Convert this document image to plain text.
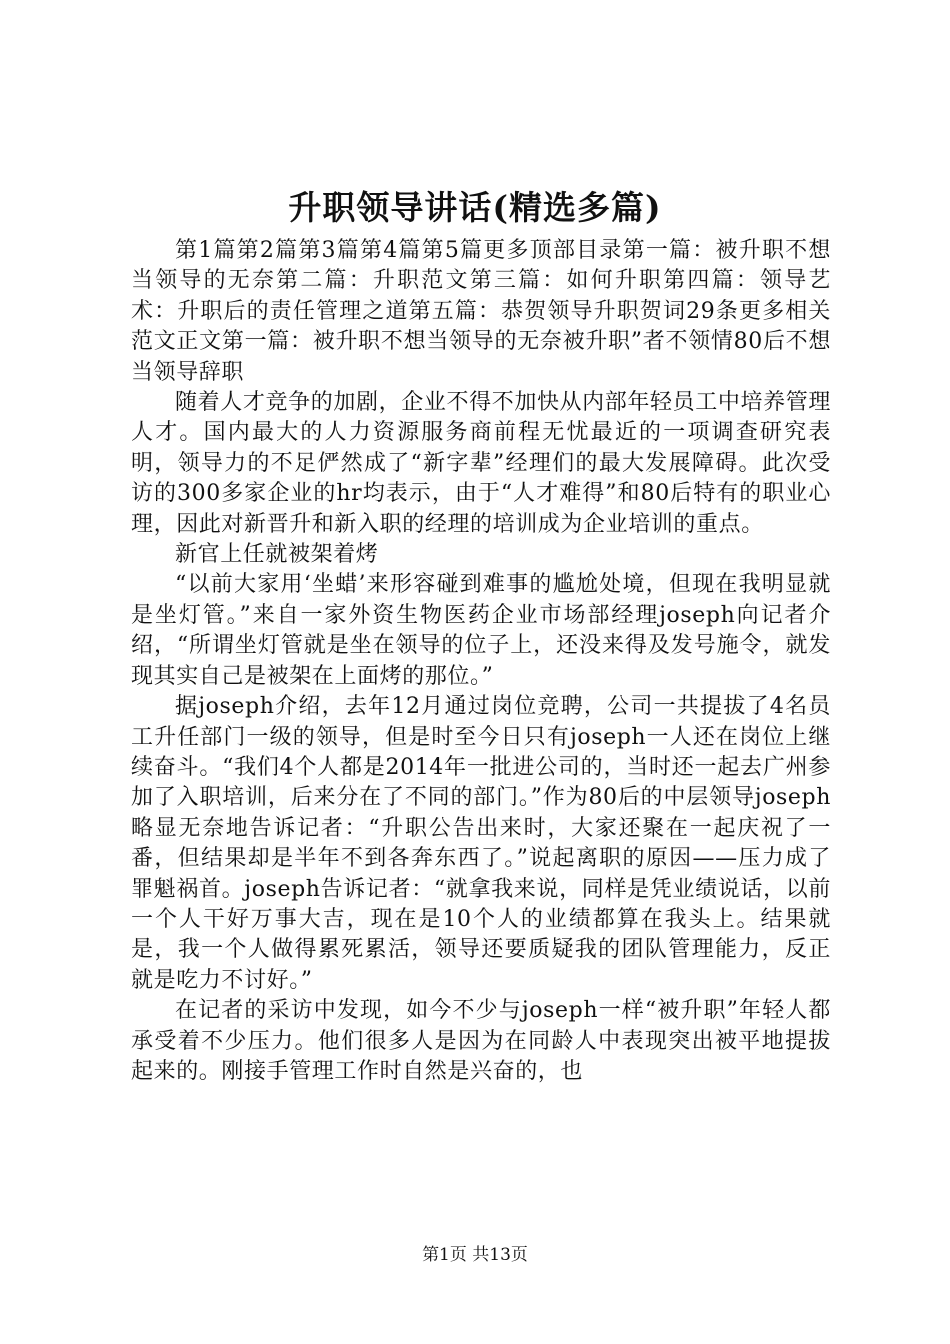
升职领导讲话(精选多篇)

第1篇第2篇第3篇第4篇第5篇更多顶部目录第一篇：被升职不想当领导的无奈第二篇：升职范文第三篇：如何升职第四篇：领导艺术：升职后的责任管理之道第五篇：恭贺领导升职贺词29条更多相关范文正文第一篇：被升职不想当领导的无奈被升职”者不领情80后不想当领导辞职

随着人才竞争的加剧，企业不得不加快从内部年轻员工中培养管理人才。国内最大的人力资源服务商前程无忧最近的一项调查研究表明，领导力的不足俨然成了“新字辈”经理们的最大发展障碍。此次受访的300多家企业的hr均表示，由于“人才难得”和80后特有的职业心理，因此对新晋升和新入职的经理的培训成为企业培训的重点。

新官上任就被架着烤

“以前大家用‘坐蜡’来形容碰到难事的尴尬处境，但现在我明显就是坐灯管。”来自一家外资生物医药企业市场部经理joseph向记者介绍，“所谓坐灯管就是坐在领导的位子上，还没来得及发号施令，就发现其实自己是被架在上面烤的那位。”

据joseph介绍，去年12月通过岗位竞聘，公司一共提拔了4名员工升任部门一级的领导，但是时至今日只有joseph一人还在岗位上继续奋斗。“我们4个人都是2014年一批进公司的，当时还一起去广州参加了入职培训，后来分在了不同的部门。”作为80后的中层领导joseph略显无奈地告诉记者：“升职公告出来时，大家还聚在一起庆祝了一番，但结果却是半年不到各奔东西了。”说起离职的原因——压力成了罪魁祸首。joseph告诉记者：“就拿我来说，同样是凭业绩说话，以前一个人干好万事大吉，现在是10个人的业绩都算在我头上。结果就是，我一个人做得累死累活，领导还要质疑我的团队管理能力，反正就是吃力不讨好。”

在记者的采访中发现，如今不少与joseph一样“被升职”年轻人都承受着不少压力。他们很多人是因为在同龄人中表现突出被平地提拔起来的。刚接手管理工作时自然是兴奋的，也

第1页 共13页
